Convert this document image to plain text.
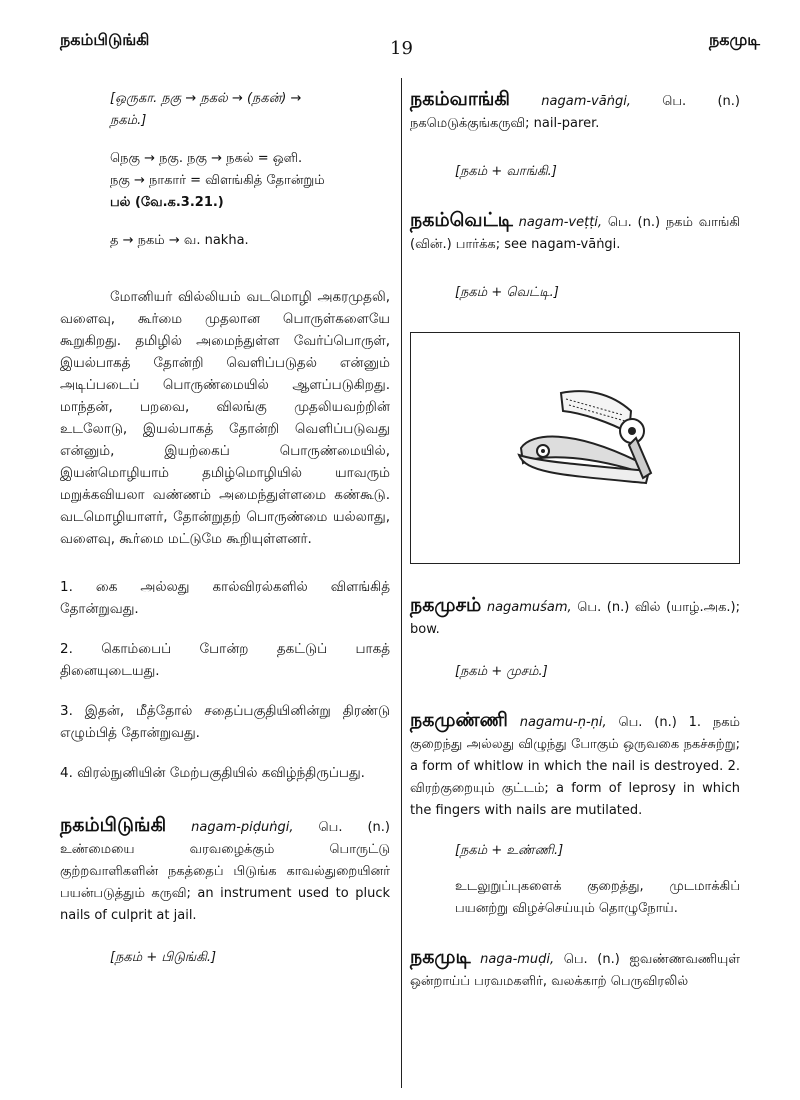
நகம்பிடுங்கி	19	நகமுடி

[ஒருகா. நகு → நகல் → (நகன்) →

நகம்.]

நெகு → நகு. நகு → நகல் = ஒளி.

நகு → நாகார் = விளங்கித் தோன்றும்

பல் (வே.க.3.21.)

த → நகம் → வ. nakha.

மோனியர் வில்லியம் வடமொழி அகரமுதலி, வளைவு, கூர்மை முதலான பொருள்களையே கூறுகிறது. தமிழில் அமைந்துள்ள வேர்ப்பொருள், இயல்பாகத் தோன்றி வெளிப்படுதல் என்னும் அடிப்படைப் பொருண்மையில் ஆளப்படுகிறது. மாந்தன், பறவை, விலங்கு முதலியவற்றின் உடலோடு, இயல்பாகத் தோன்றி வெளிப்படுவது என்னும், இயற்கைப் பொருண்மையில், இயன்மொழியாம் தமிழ்மொழியில் யாவரும் மறுக்கவியலா வண்ணம் அமைந்துள்ளமை கண்கூடு. வடமொழியாளர், தோன்றுதற் பொருண்மை யல்லாது, வளைவு, கூர்மை மட்டுமே கூறியுள்ளனர்.

1. கை அல்லது கால்விரல்களில் விளங்கித் தோன்றுவது.

2. கொம்பைப் போன்ற தகட்டுப் பாகத் தினையுடையது.

3. இதன், மீத்தோல் சதைப்பகுதியினின்று திரண்டு எழும்பித் தோன்றுவது.

4. விரல்நுனியின் மேற்பகுதியில் கவிழ்ந்திருப்பது.

நகம்பிடுங்கி nagam-piḍuṅgi, பெ. (n.) உண்மையை வரவழைக்கும் பொருட்டு குற்றவாளிகளின் நகத்தைப் பிடுங்க காவல்துறையினர் பயன்படுத்தும் கருவி; an instrument used to pluck nails of culprit at jail.

[நகம் + பிடுங்கி.]

நகம்வாங்கி nagam-vāṅgi, பெ. (n.) நகமெடுக்குங்கருவி; nail-parer.

[நகம் + வாங்கி.]

நகம்வெட்டி nagam-veṭṭi, பெ. (n.) நகம் வாங்கி (வின்.) பார்க்க; see nagam-vāṅgi.

[நகம் + வெட்டி.]

நகமுசம் nagamuśam, பெ. (n.) வில் (யாழ்.அக.); bow.

[நகம் + முசம்.]

நகமுண்ணி nagamu-ṇ-ṇi, பெ. (n.) 1. நகம் குறைந்து அல்லது விழுந்து போகும் ஒருவகை நகச்சுற்று; a form of whitlow in which the nail is destroyed. 2. விரற்குறையும் குட்டம்; a form of leprosy in which the fingers with nails are mutilated.

[நகம் + உண்ணி.]

உடலுறுப்புகளைக் குறைத்து, முடமாக்கிப் பயனற்று விழச்செய்யும் தொழுநோய்.

நகமுடி naga-muḍi, பெ. (n.) ஐவண்ணவணியுள் ஒன்றாய்ப் பரவமகளிர், வலக்காற் பெருவிரலில்
